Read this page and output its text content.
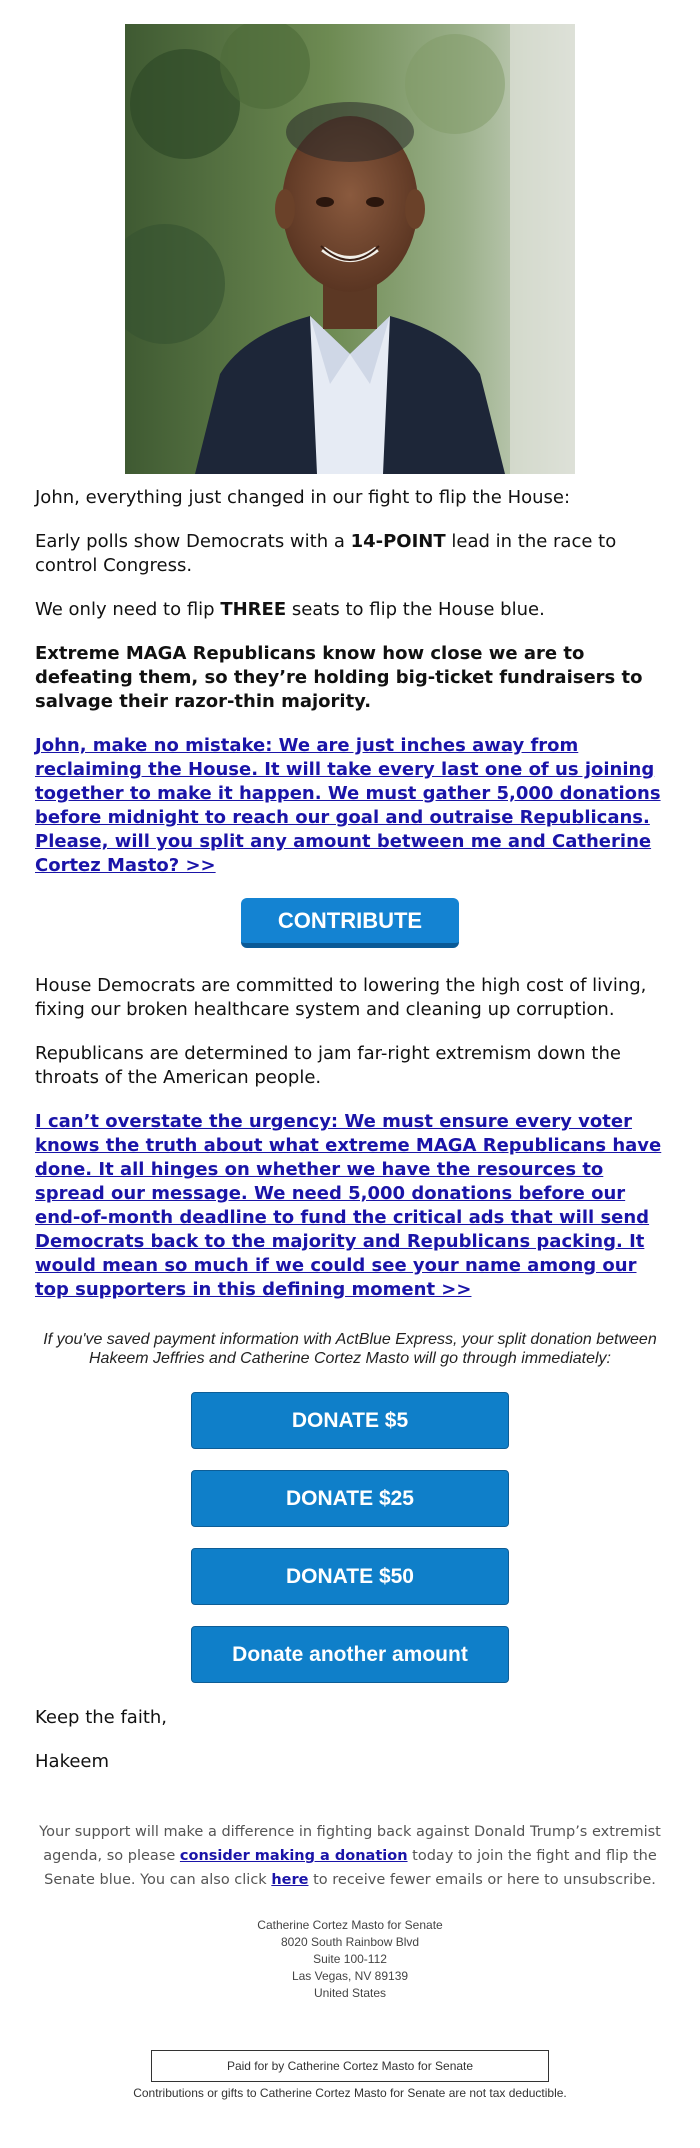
John, everything just changed in our fight to flip the House:

Early polls show Democrats with a 14-POINT lead in the race to control Congress.

We only need to flip THREE seats to flip the House blue.

Extreme MAGA Republicans know how close we are to defeating them, so they’re holding big-ticket fundraisers to salvage their razor-thin majority.

John, make no mistake: We are just inches away from reclaiming the House. It will take every last one of us joining together to make it happen. We must gather 5,000 donations before midnight to reach our goal and outraise Republicans. Please, will you split any amount between me and Catherine Cortez Masto? >>

CONTRIBUTE

House Democrats are committed to lowering the high cost of living, fixing our broken healthcare system and cleaning up corruption.

Republicans are determined to jam far-right extremism down the throats of the American people.

I can’t overstate the urgency: We must ensure every voter knows the truth about what extreme MAGA Republicans have done. It all hinges on whether we have the resources to spread our message. We need 5,000 donations before our end-of-month deadline to fund the critical ads that will send Democrats back to the majority and Republicans packing. It would mean so much if we could see your name among our top supporters in this defining moment >>

If you've saved payment information with ActBlue Express, your split donation between Hakeem Jeffries and Catherine Cortez Masto will go through immediately:
DONATE $5
DONATE $25
DONATE $50
Donate another amount

Keep the faith,

Hakeem

Your support will make a difference in fighting back against Donald Trump’s extremist agenda, so please consider making a donation today to join the fight and flip the Senate blue. You can also click here to receive fewer emails or here to unsubscribe.
Catherine Cortez Masto for Senate
8020 South Rainbow Blvd
Suite 100-112
Las Vegas, NV 89139
United States
Paid for by Catherine Cortez Masto for Senate
Contributions or gifts to Catherine Cortez Masto for Senate are not tax deductible.
